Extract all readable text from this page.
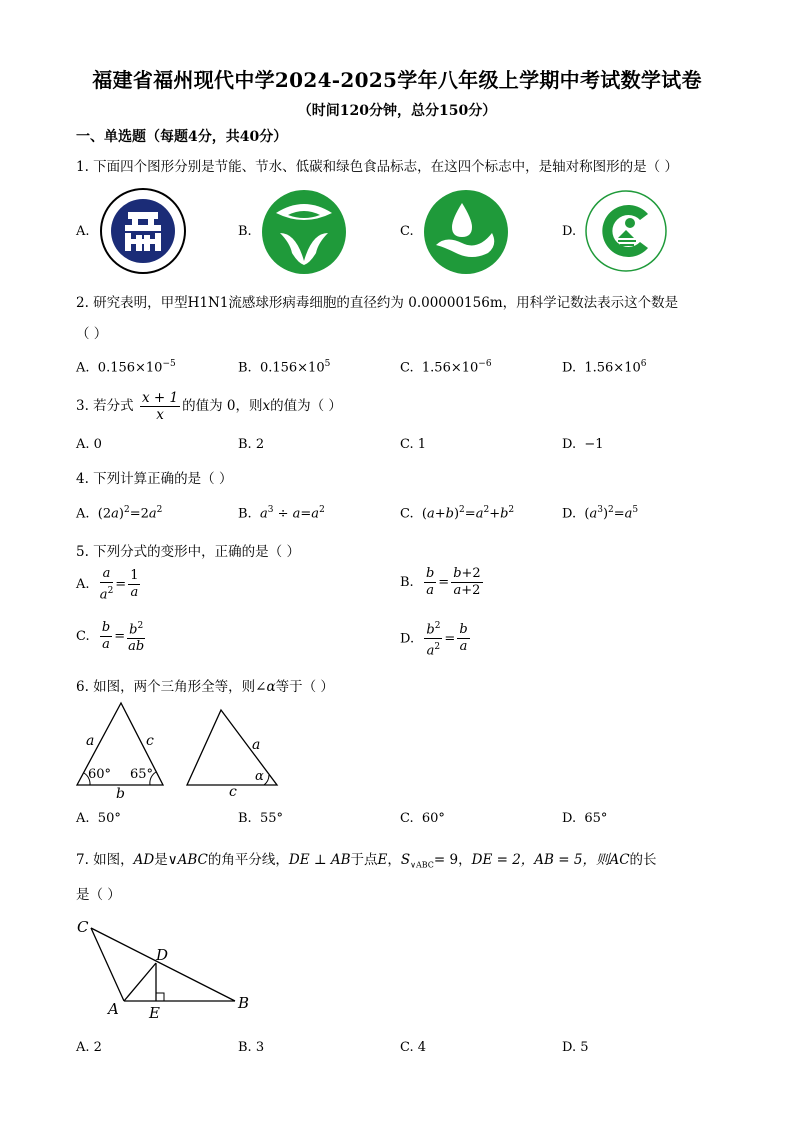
福建省福州现代中学2024-2025学年八年级上学期中考试数学试卷
（时间120分钟，总分150分）
一、单选题（每题4分，共40分）
1. 下面四个图形分别是节能、节水、低碳和绿色食品标志，在这四个标志中，是轴对称图形的是（ ）
A.	B.	C.	D.
2. 研究表明，甲型H1N1流感球形病毒细胞的直径约为 0.00000156m，用科学记数法表示这个数是
（ ）
A. $0.156\times 10^{-5}$	B. $0.156\times 10^5$	C. $1.56\times 10^{-6}$	D. $1.56\times 10^6$
3. 若分式 $\frac{x + 1}{x}$ 的值为 0，则x的值为（ ）
A. 0	B. 2	C. 1	D. −1
4. 下列计算正确的是（ ）
A.  $(2a)^2=2a^2$	B. $a^3 \div a=a^2$	C.  $(a+b)^2=a^2+b^2$	D.  $(a^3)^2=a^5$
5. 下列分式的变形中，正确的是（ ）
A. $\frac{a}{a^2} = \frac{1}{a}$	B. $\frac{b}{a} = \frac{b+2}{a+2}$
C. $\frac{b}{a} = \frac{b^2}{ab}$	D. $\frac{b^2}{a^2} = \frac{b}{a}$
6. 如图，两个三角形全等，则∠α等于（ ）
a	c
b
60° 65°
a
c
α
A. 50°	B. 55°	C. 60°	D. 65°
7. 如图，AD是∨ABC的角平分线，DE ⊥ AB于点E，$S_{\vee ABC}= 9$，DE = 2，AB = 5，则AC的长
是（ ）
C
D
A E
B
A. 2	B. 3	C. 4	D. 5
